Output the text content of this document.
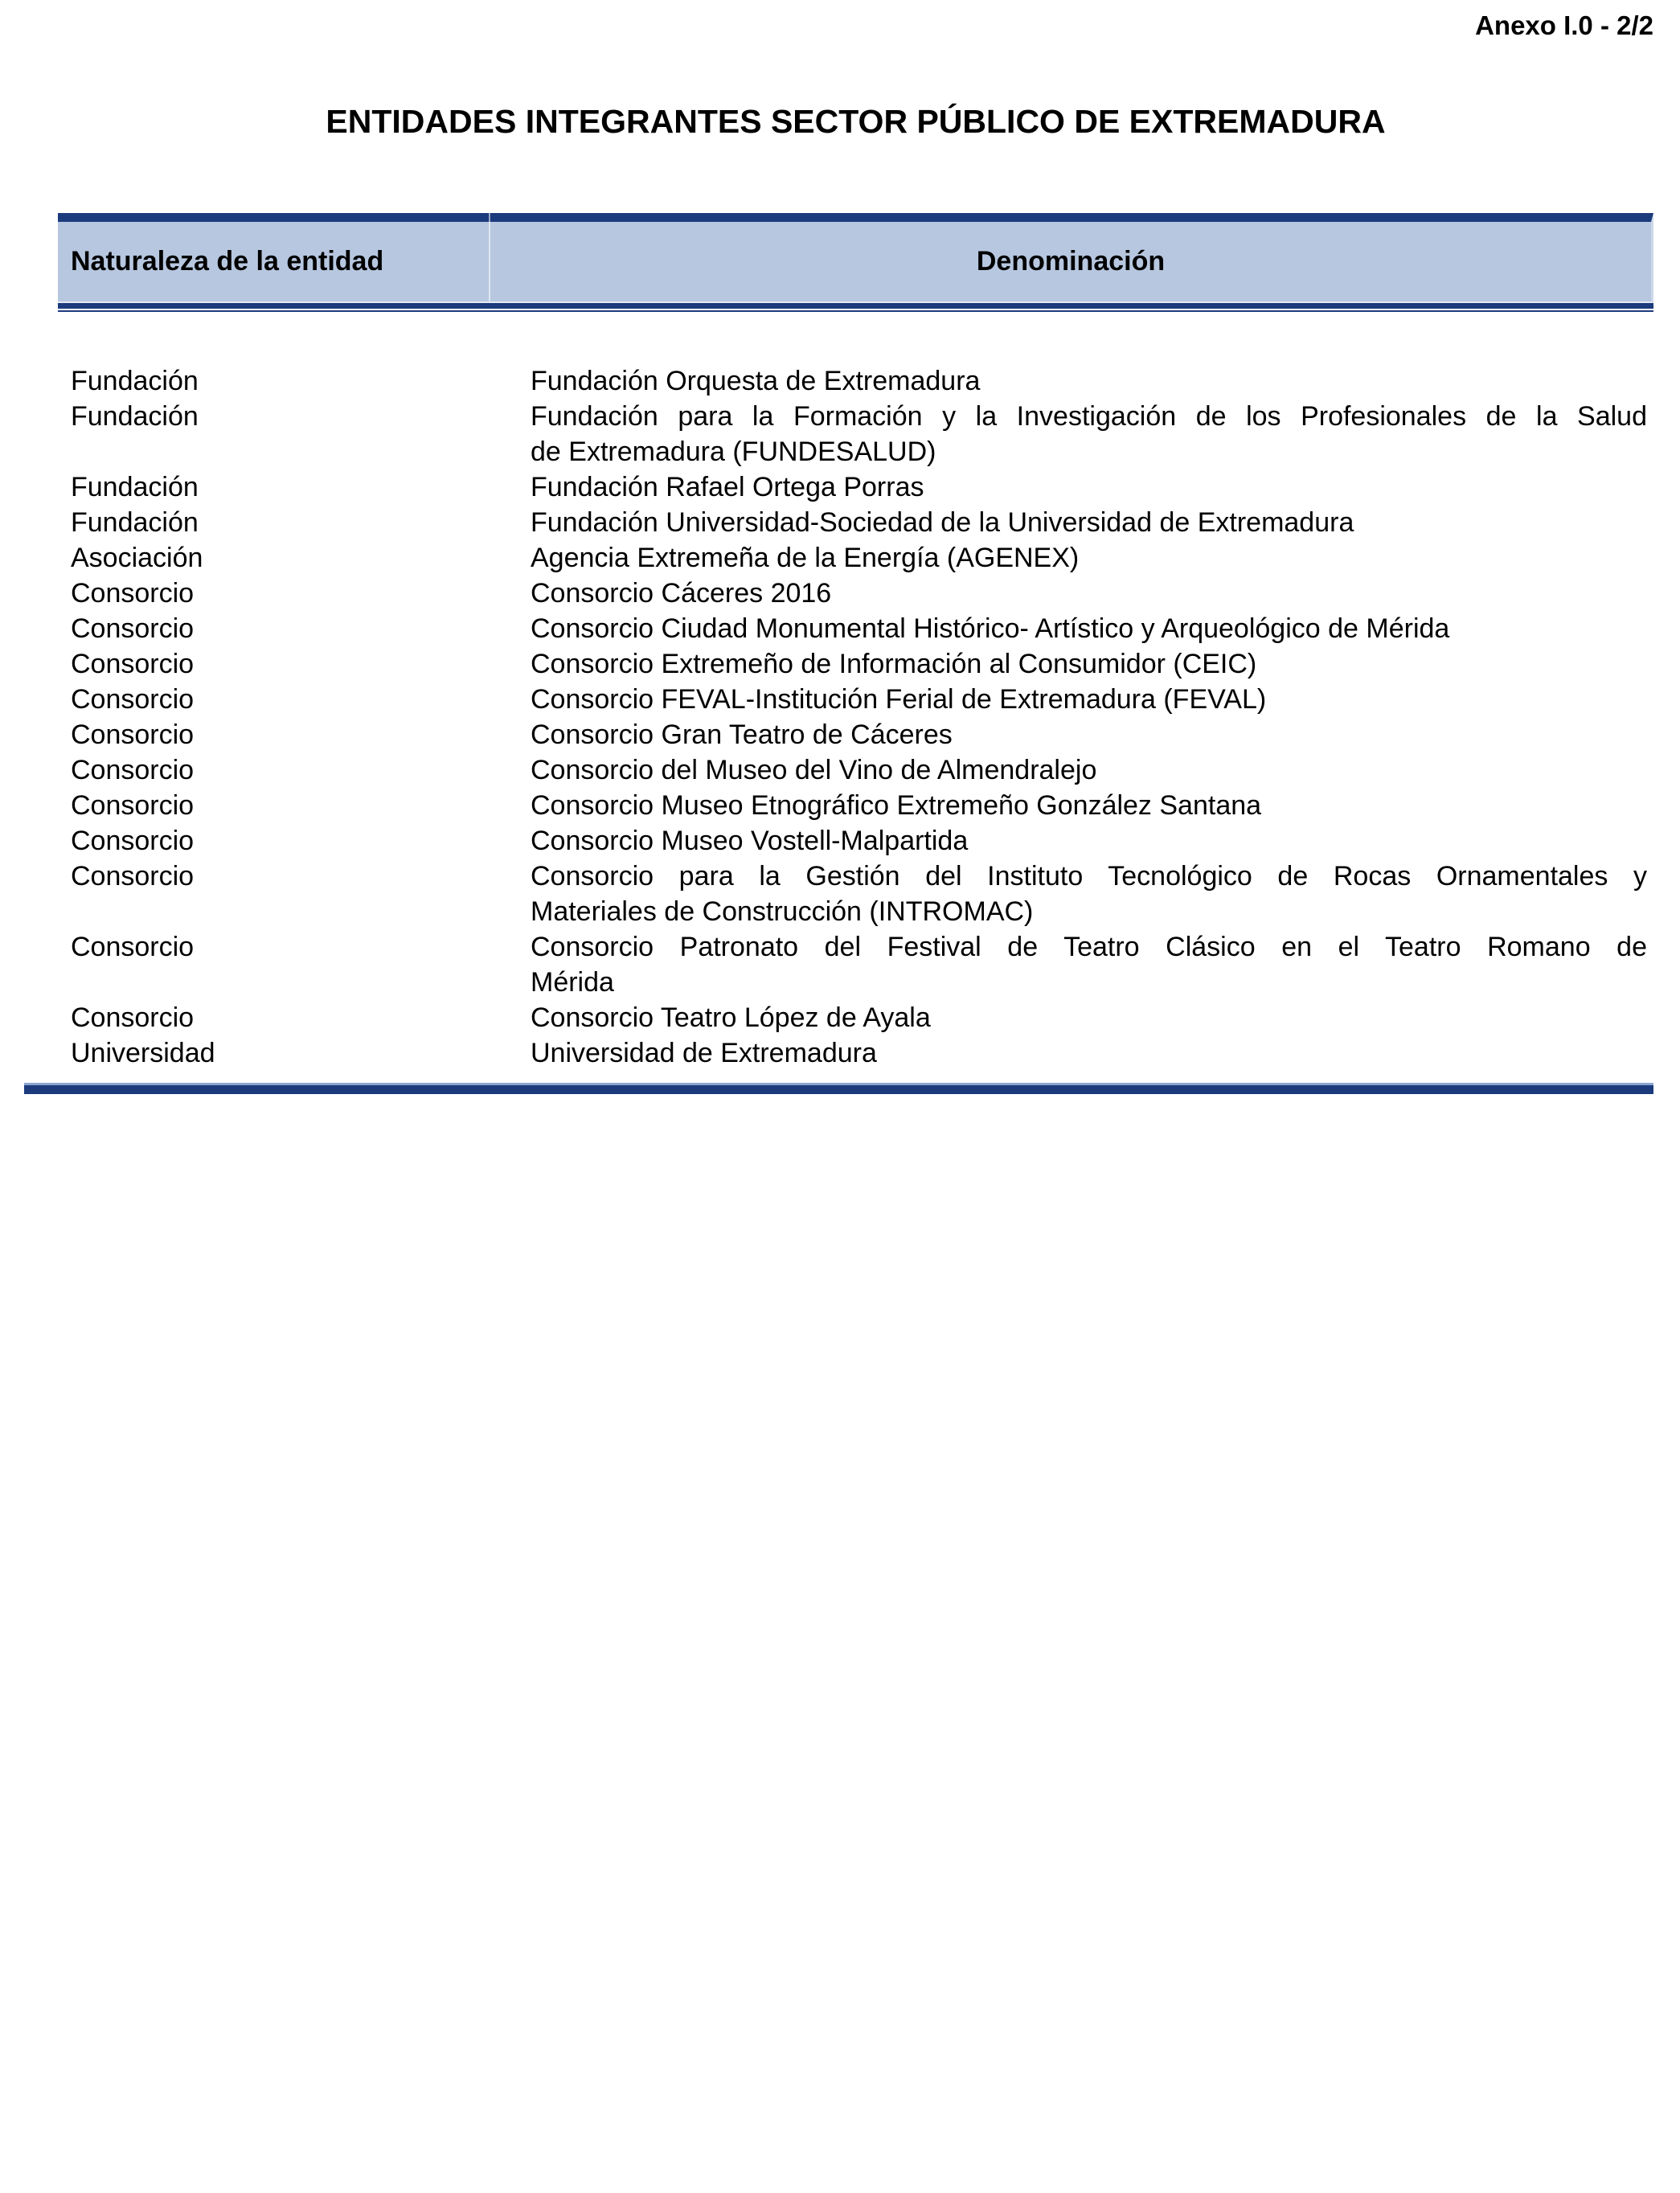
Anexo I.0 - 2/2
ENTIDADES INTEGRANTES SECTOR PÚBLICO DE EXTREMADURA
Naturaleza de la entidad	Denominación
Fundación	Fundación Orquesta de Extremadura
Fundación	Fundación para la Formación y la Investigación de los Profesionales de la Salud
de Extremadura (FUNDESALUD)
Fundación	Fundación Rafael Ortega Porras
Fundación	Fundación Universidad-Sociedad de la Universidad de Extremadura
Asociación	Agencia Extremeña de la Energía (AGENEX)
Consorcio	Consorcio Cáceres 2016
Consorcio	Consorcio Ciudad Monumental Histórico- Artístico y Arqueológico de Mérida
Consorcio	Consorcio Extremeño de Información al Consumidor (CEIC)
Consorcio	Consorcio FEVAL-Institución Ferial de Extremadura (FEVAL)
Consorcio	Consorcio Gran Teatro de Cáceres
Consorcio	Consorcio del Museo del Vino de Almendralejo
Consorcio	Consorcio Museo Etnográfico Extremeño González Santana
Consorcio	Consorcio Museo Vostell-Malpartida
Consorcio	Consorcio para la Gestión del Instituto Tecnológico de Rocas Ornamentales y
Materiales de Construcción (INTROMAC)
Consorcio	Consorcio Patronato del Festival de Teatro Clásico en el Teatro Romano de
Mérida
Consorcio	Consorcio Teatro López de Ayala
Universidad	Universidad de Extremadura
